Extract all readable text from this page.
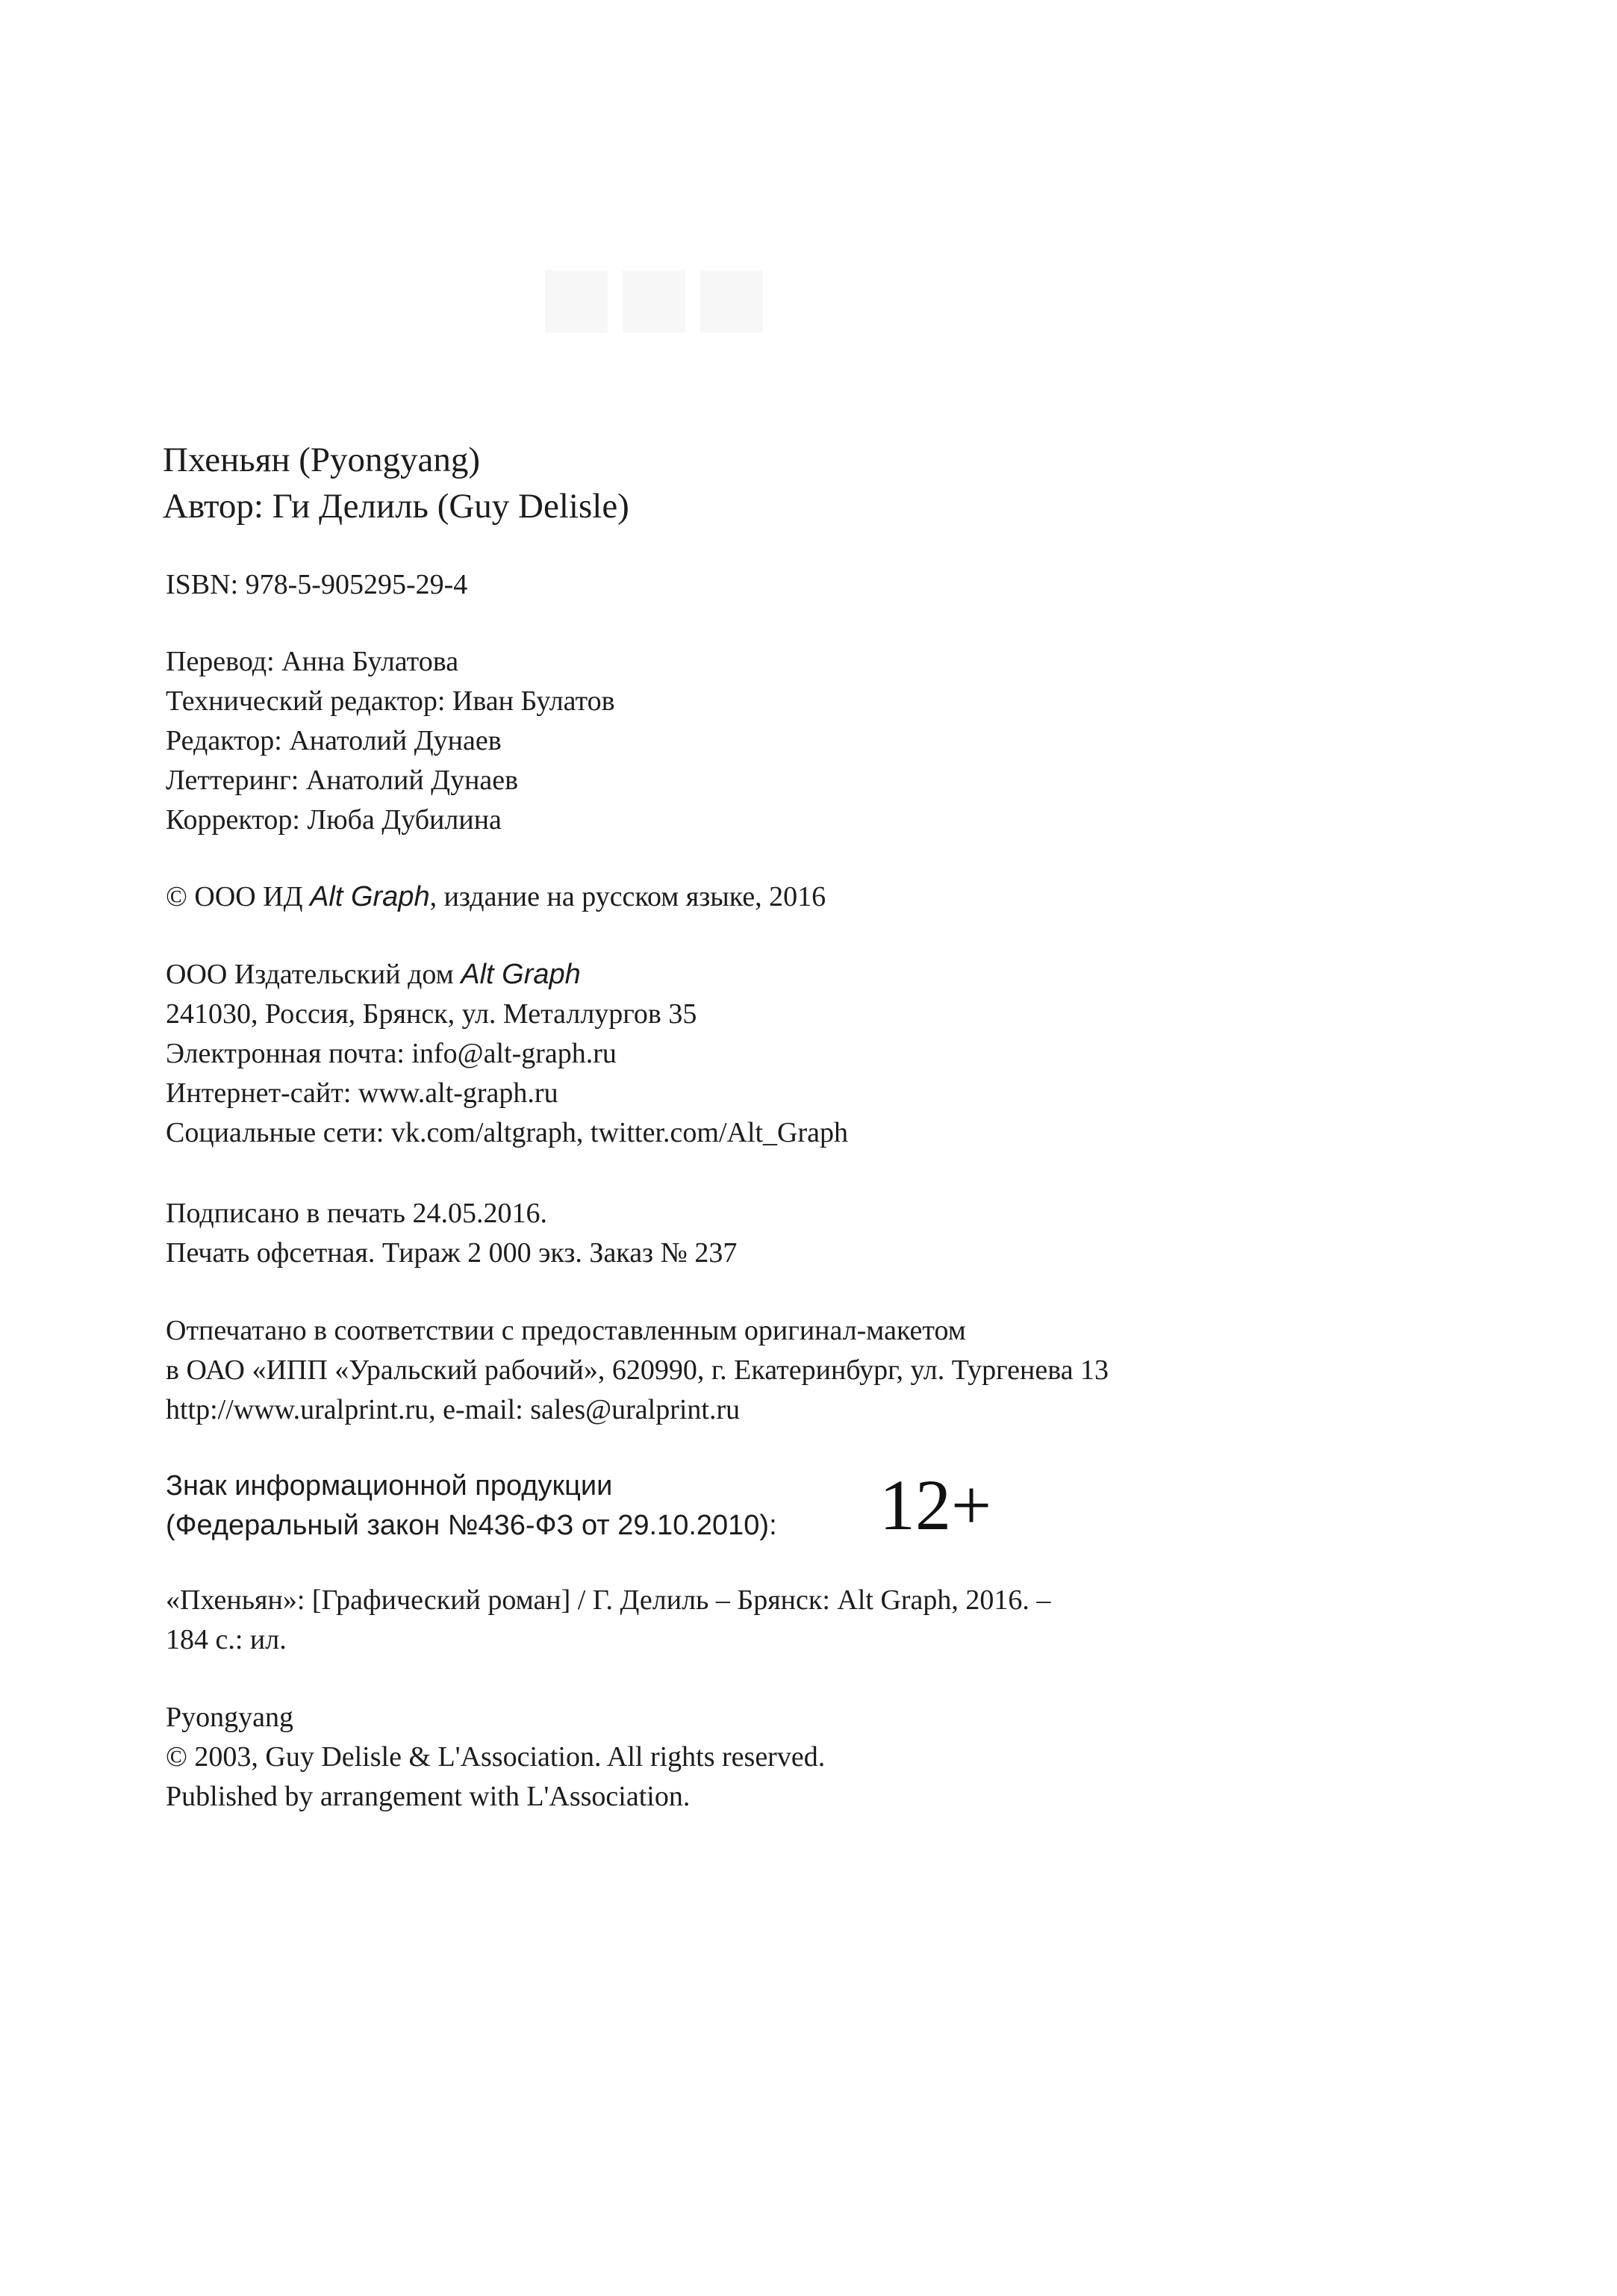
■■■

Пхеньян (Pyongyang)

Автор: Ги Делиль (Guy Delisle)

ISBN: 978-5-905295-29-4

Перевод: Анна Булатова

Технический редактор: Иван Булатов

Редактор: Анатолий Дунаев

Леттеринг: Анатолий Дунаев

Корректор: Люба Дубилина

© ООО ИД Alt Graph, издание на русском языке, 2016

ООО Издательский дом Alt Graph

241030, Россия, Брянск, ул. Металлургов 35

Электронная почта: info@alt-graph.ru

Интернет-сайт: www.alt-graph.ru

Социальные сети: vk.com/altgraph, twitter.com/Alt_Graph

Подписано в печать 24.05.2016.

Печать офсетная. Тираж 2 000 экз. Заказ № 237

Отпечатано в соответствии с предоставленным оригинал-макетом

в ОАО «ИПП «Уральский рабочий», 620990, г. Екатеринбург, ул. Тургенева 13

http://www.uralprint.ru, e-mail: sales@uralprint.ru

Знак информационной продукции

(Федеральный закон №436-ФЗ от 29.10.2010): 12+

«Пхеньян»: [Графический роман] / Г. Делиль – Брянск: Alt Graph, 2016. –

184 с.: ил.

Pyongyang

© 2003, Guy Delisle & L'Association. All rights reserved.

Published by arrangement with L'Association.
